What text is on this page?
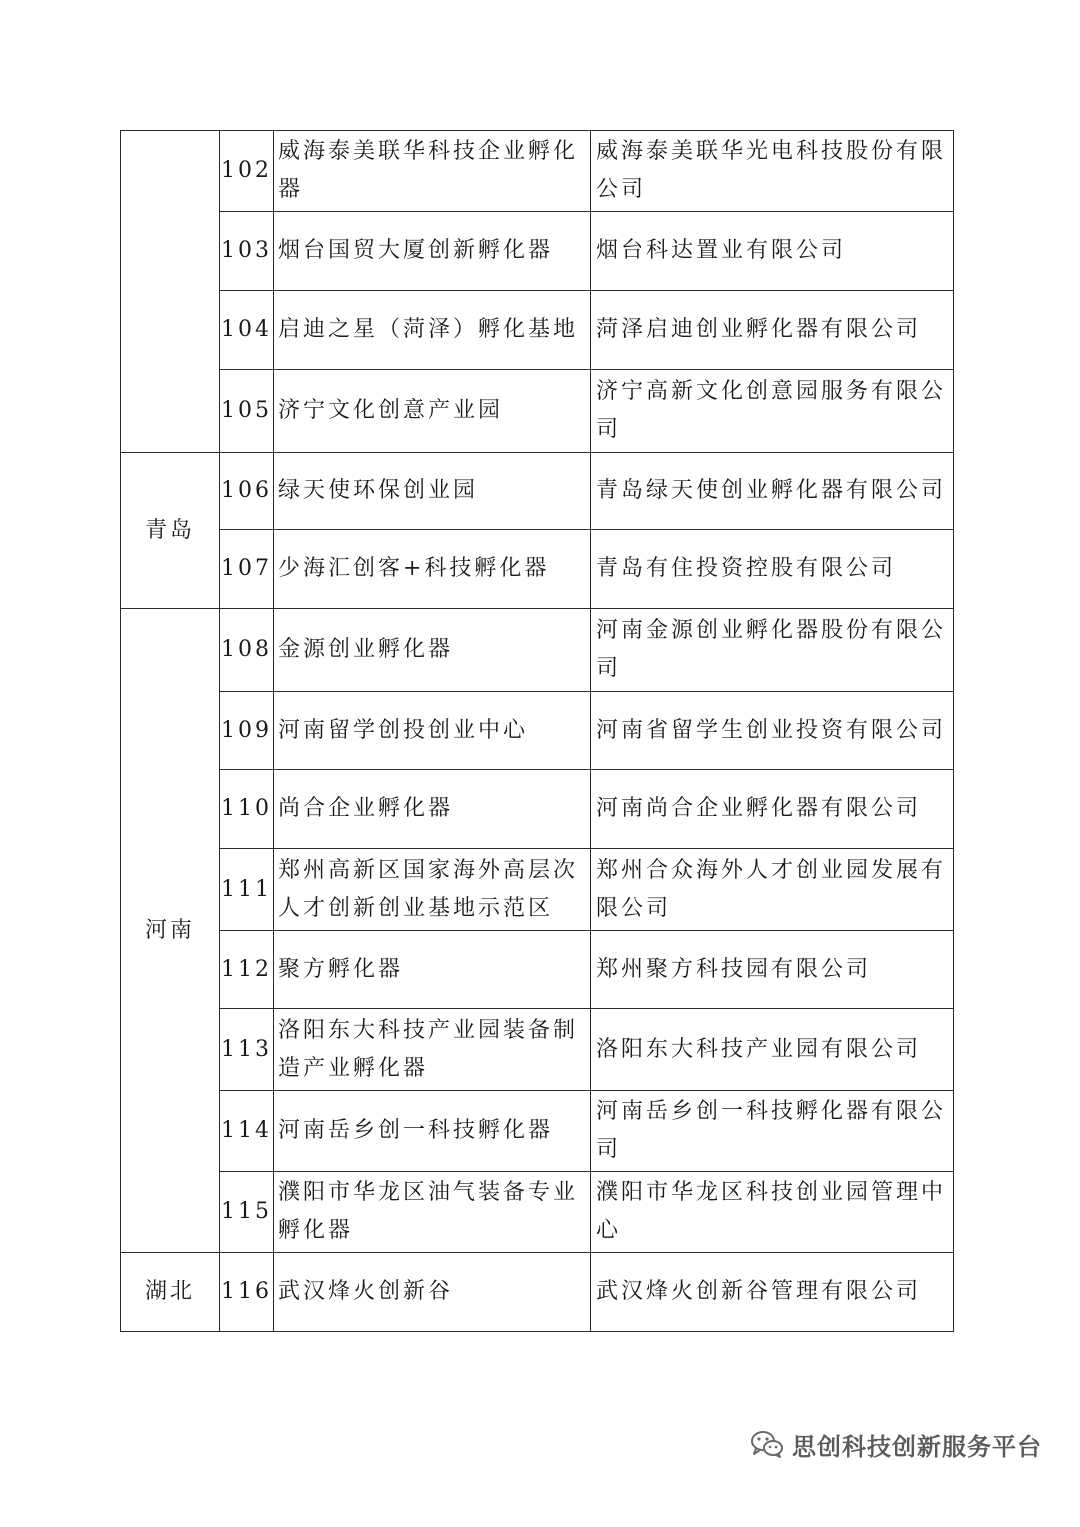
	102	威海泰美联华科技企业孵化器	威海泰美联华光电科技股份有限公司
	103	烟台国贸大厦创新孵化器	烟台科达置业有限公司
	104	启迪之星（菏泽）孵化基地	菏泽启迪创业孵化器有限公司
	105	济宁文化创意产业园	济宁高新文化创意园服务有限公司
青岛	106	绿天使环保创业园	青岛绿天使创业孵化器有限公司
	107	少海汇创客+科技孵化器	青岛有住投资控股有限公司
河南	108	金源创业孵化器	河南金源创业孵化器股份有限公司
	109	河南留学创投创业中心	河南省留学生创业投资有限公司
	110	尚合企业孵化器	河南尚合企业孵化器有限公司
	111	郑州高新区国家海外高层次人才创新创业基地示范区	郑州合众海外人才创业园发展有限公司
	112	聚方孵化器	郑州聚方科技园有限公司
	113	洛阳东大科技产业园装备制造产业孵化器	洛阳东大科技产业园有限公司
	114	河南岳乡创一科技孵化器	河南岳乡创一科技孵化器有限公司
	115	濮阳市华龙区油气装备专业孵化器	濮阳市华龙区科技创业园管理中心
湖北	116	武汉烽火创新谷	武汉烽火创新谷管理有限公司
思创科技创新服务平台
